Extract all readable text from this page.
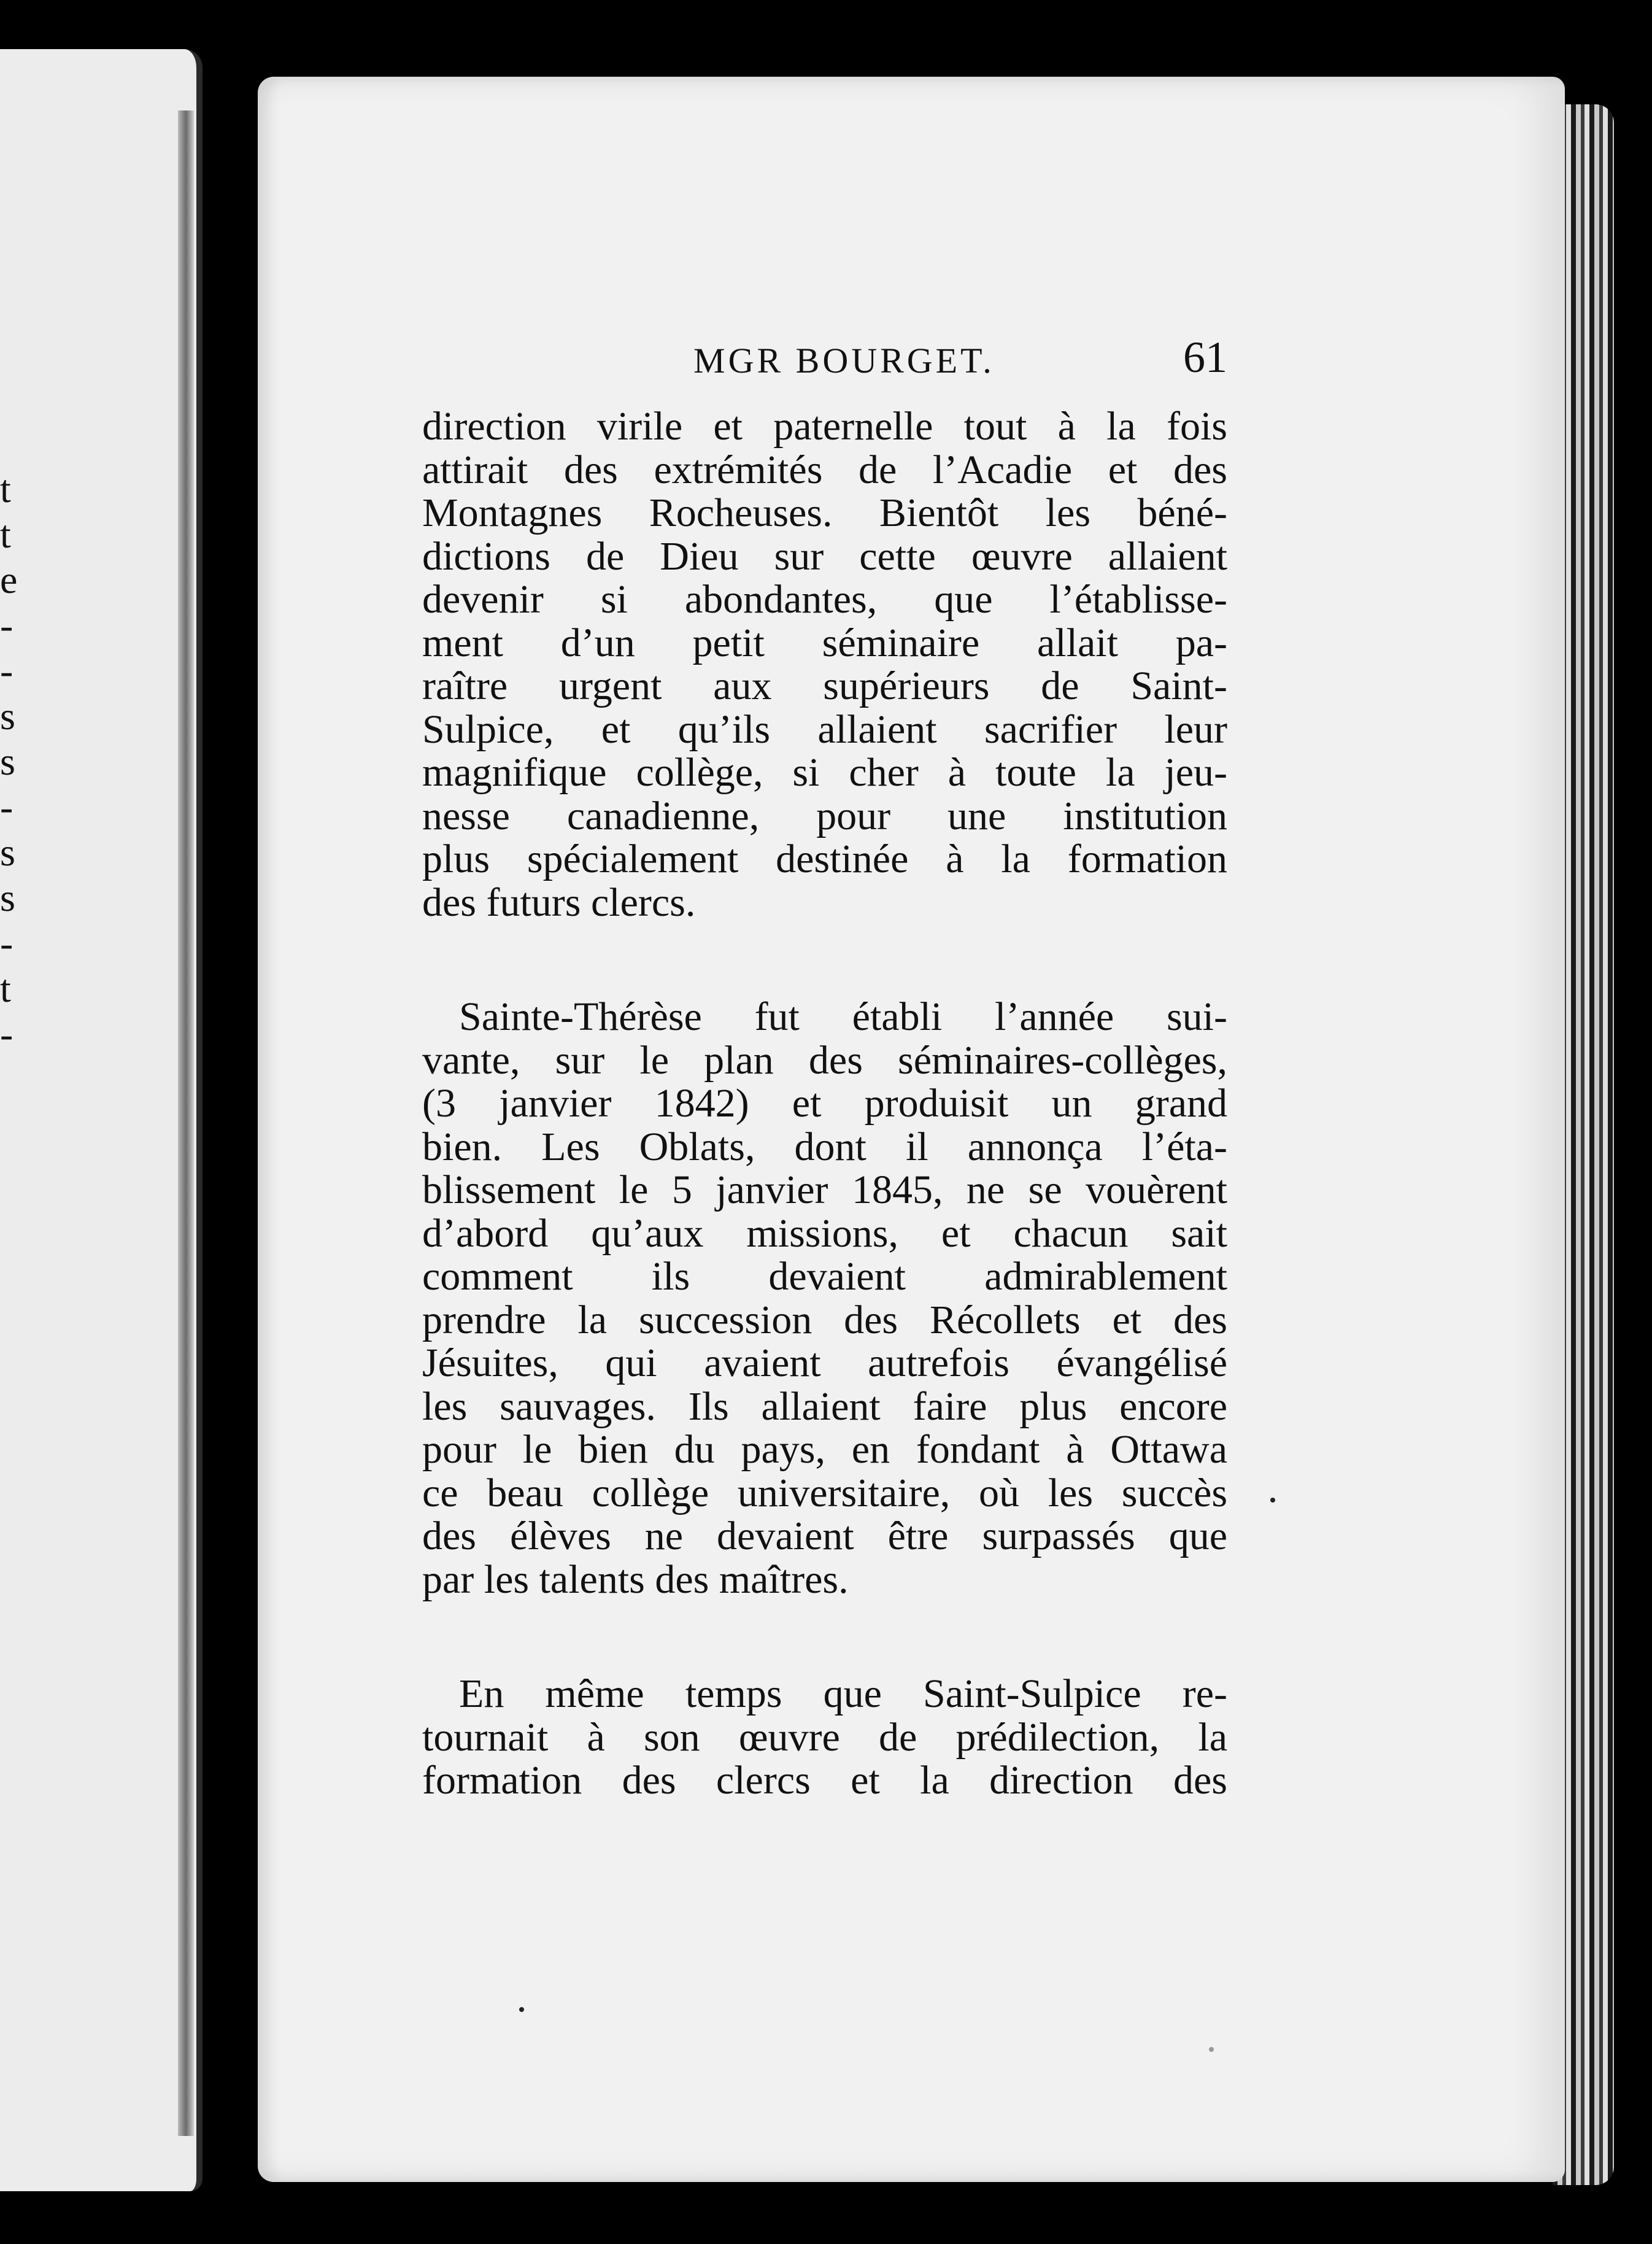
t
t
e
-
-
s
s
-
s
s
-
t
-
MGR BOURGET.	61
direction virile et paternelle tout à la fois
attirait des extrémités de l’Acadie et des
Montagnes Rocheuses. Bientôt les béné-
dictions de Dieu sur cette œuvre allaient
devenir si abondantes, que l’établisse-
ment d’un petit séminaire allait pa-
raître urgent aux supérieurs de Saint-
Sulpice, et qu’ils allaient sacrifier leur
magnifique collège, si cher à toute la jeu-
nesse canadienne, pour une institution
plus spécialement destinée à la formation
des futurs clercs.
Sainte-Thérèse fut établi l’année sui-
vante, sur le plan des séminaires-collèges,
(3 janvier 1842) et produisit un grand
bien. Les Oblats, dont il annonça l’éta-
blissement le 5 janvier 1845, ne se vouèrent
d’abord qu’aux missions, et chacun sait
comment ils devaient admirablement
prendre la succession des Récollets et des
Jésuites, qui avaient autrefois évangélisé
les sauvages. Ils allaient faire plus encore
pour le bien du pays, en fondant à Ottawa
ce beau collège universitaire, où les succès
des élèves ne devaient être surpassés que
par les talents des maîtres.
En même temps que Saint-Sulpice re-
tournait à son œuvre de prédilection, la
formation des clercs et la direction des
